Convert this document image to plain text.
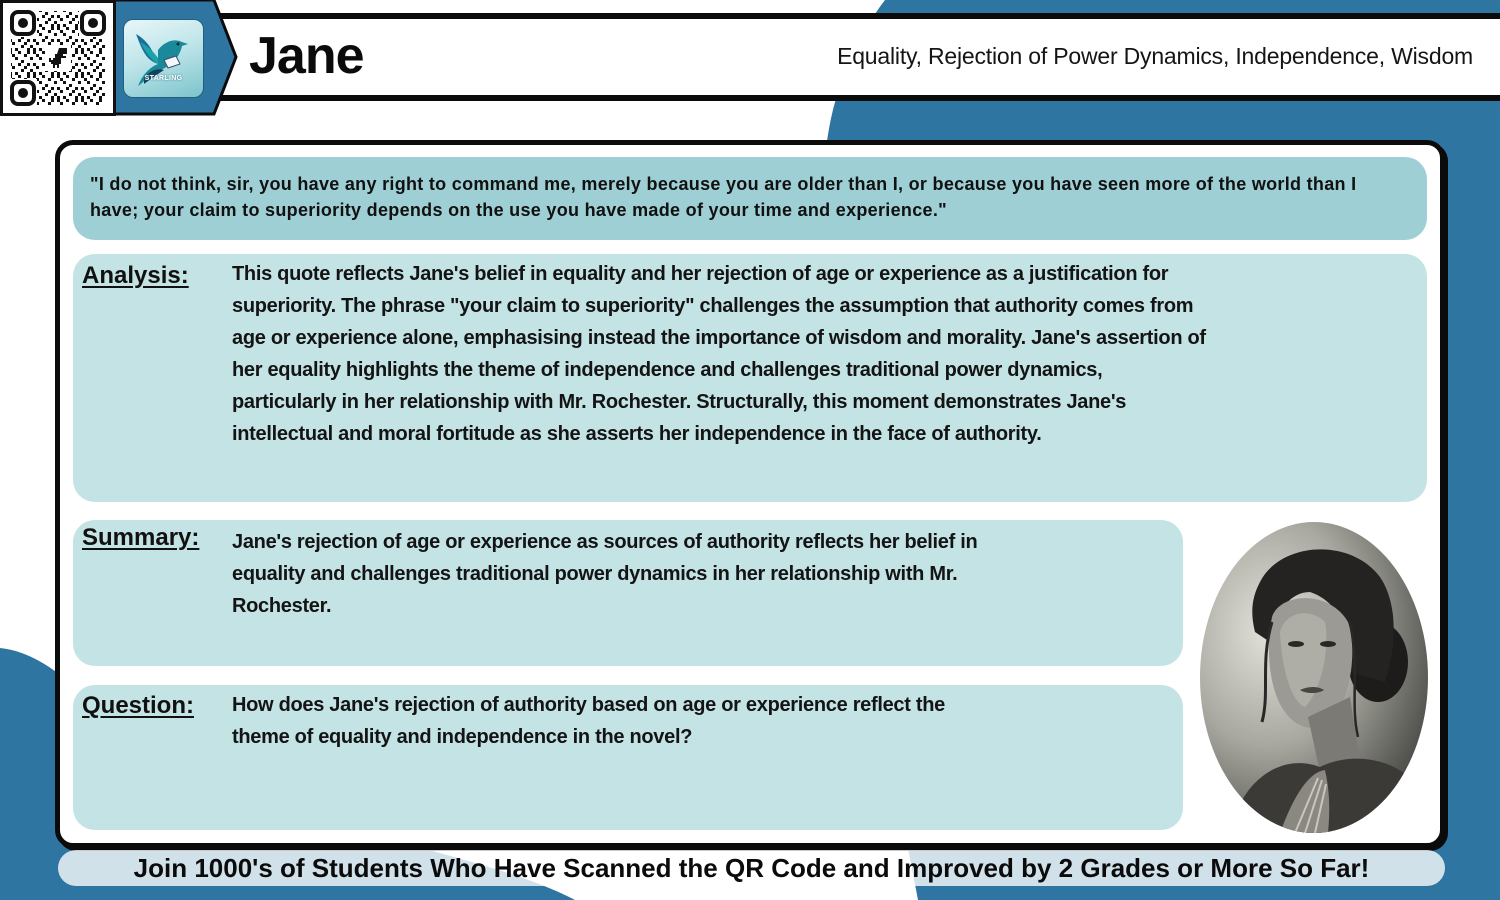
STARLING	Jane	Equality, Rejection of Power Dynamics, Independence, Wisdom
"I do not think, sir, you have any right to command me, merely because you are older than I, or because you have seen more of the world than I
have; your claim to superiority depends on the use you have made of your time and experience."
Analysis: This quote reflects Jane's belief in equality and her rejection of age or experience as a justification for
superiority. The phrase "your claim to superiority" challenges the assumption that authority comes from
age or experience alone, emphasising instead the importance of wisdom and morality. Jane's assertion of
her equality highlights the theme of independence and challenges traditional power dynamics,
particularly in her relationship with Mr. Rochester. Structurally, this moment demonstrates Jane's
intellectual and moral fortitude as she asserts her independence in the face of authority.
Summary: Jane's rejection of age or experience as sources of authority reflects her belief in
equality and challenges traditional power dynamics in her relationship with Mr.
Rochester.
Question: How does Jane's rejection of authority based on age or experience reflect the
theme of equality and independence in the novel?
Join 1000's of Students Who Have Scanned the QR Code and Improved by 2 Grades or More So Far!
